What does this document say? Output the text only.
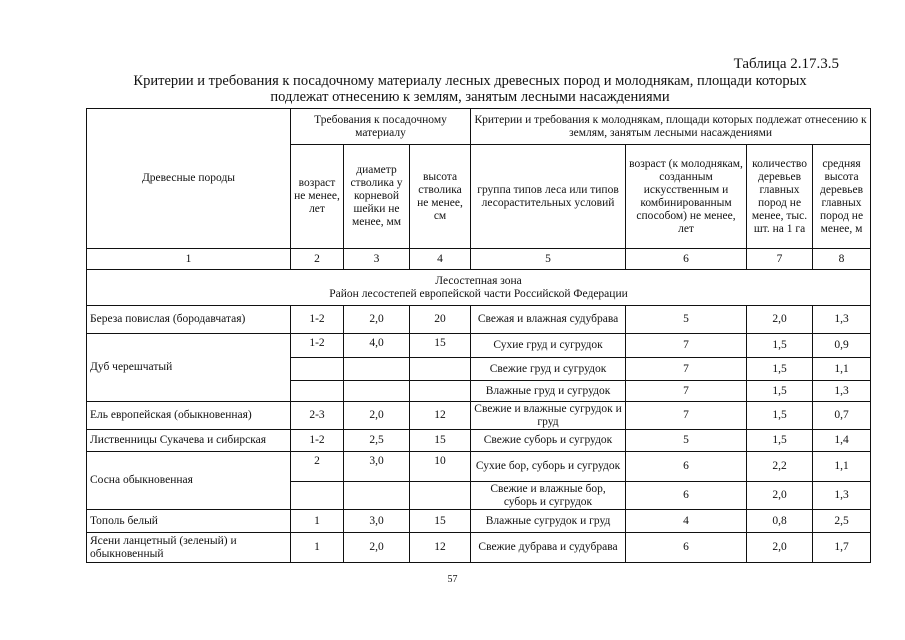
Таблица 2.17.3.5
Критерии и требования к посадочному материалу лесных древесных пород и молоднякам, площади которых
подлежат отнесению к землям, занятым лесными насаждениями
Древесные породы	Требования к посадочному материалу			Критерии и требования к молоднякам, площади которых подлежат отнесению к землям, занятым лесными насаждениями			
	возраст не менее, лет	диаметр стволика у корневой шейки не менее, мм	высота стволика не менее, см	группа типов леса или типов лесорастительных условий	возраст (к молоднякам, созданным искусственным и комбинированным способом) не менее, лет	количество деревьев главных пород не менее, тыс. шт. на 1 га	средняя высота деревьев главных пород не менее, м
1	2	3	4	5	6	7	8

Лесостепная зона
Район лесостепей европейской части Российской Федерации							

Береза повислая (бородавчатая)	1-2	2,0	20	Свежая и влажная судубрава	5	2,0	1,3
Дуб черешчатый	1-2	4,0	15	Сухие груд и сугрудок	7	1,5	0,9
				Свежие груд и сугрудок	7	1,5	1,1
				Влажные груд и сугрудок	7	1,5	1,3
Ель европейская (обыкновенная)	2-3	2,0	12	Свежие и влажные сугрудок и груд	7	1,5	0,7
Лиственницы Сукачева и сибирская	1-2	2,5	15	Свежие суборь и сугрудок	5	1,5	1,4
Сосна обыкновенная	2	3,0	10	Сухие бор, суборь и сугрудок	6	2,2	1,1
				Свежие и влажные бор, суборь и сугрудок	6	2,0	1,3
Тополь белый	1	3,0	15	Влажные сугрудок и груд	4	0,8	2,5
Ясени ланцетный (зеленый) и обыкновенный	1	2,0	12	Свежие дубрава и судубрава	6	2,0	1,7
57
